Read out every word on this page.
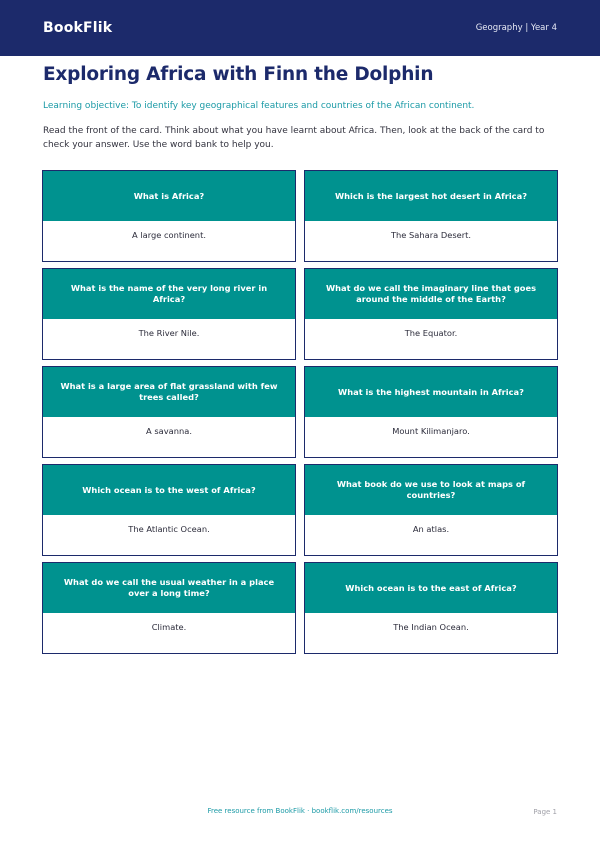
BookFlik	Geography | Year 4
Exploring Africa with Finn the Dolphin

Learning objective: To identify key geographical features and countries of the African continent.

Read the front of the card. Think about what you have learnt about Africa. Then, look at the back of the card to check your answer. Use the word bank to help you.

What is Africa?
A large continent.
Which is the largest hot desert in Africa?
The Sahara Desert.
What is the name of the very long river in Africa?
The River Nile.
What do we call the imaginary line that goes around the middle of the Earth?
The Equator.
What is a large area of flat grassland with few trees called?
A savanna.
What is the highest mountain in Africa?
Mount Kilimanjaro.
Which ocean is to the west of Africa?
The Atlantic Ocean.
What book do we use to look at maps of countries?
An atlas.
What do we call the usual weather in a place over a long time?
Climate.
Which ocean is to the east of Africa?
The Indian Ocean.
Free resource from BookFlik · bookflik.com/resources	Page 1
